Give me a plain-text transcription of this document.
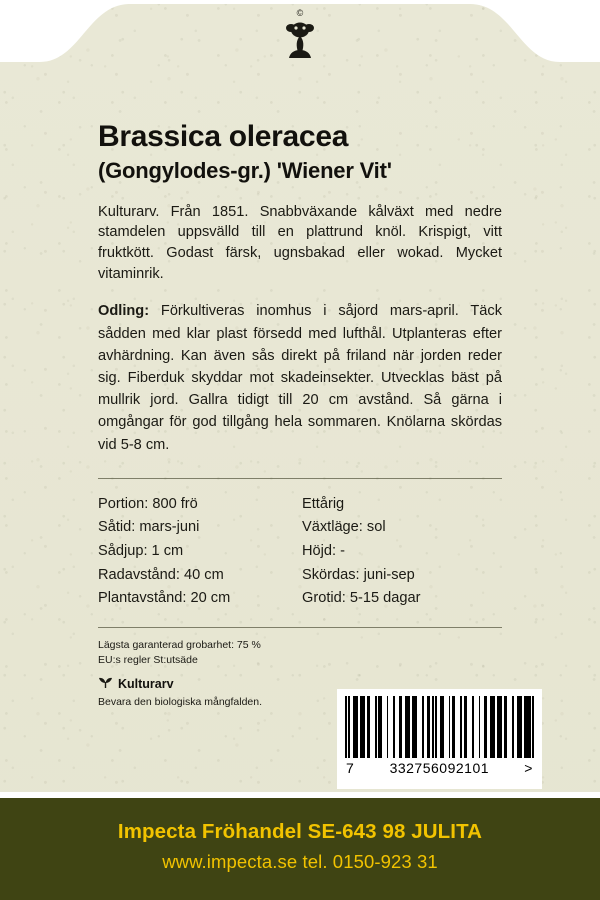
©
Brassica oleracea
(Gongylodes-gr.) 'Wiener Vit'
Kulturarv. Från 1851. Snabbväxande kålväxt med nedre stamdelen uppsvälld till en plattrund knöl. Krispigt, vitt fruktkött. Godast färsk, ugnsbakad eller wokad. Mycket vitaminrik.
Odling: Förkultiveras inomhus i såjord mars-april. Täck sådden med klar plast försedd med lufthål. Utplanteras efter avhärdning. Kan även sås direkt på friland när jorden reder sig. Fiberduk skyddar mot skadeinsekter. Utvecklas bäst på mullrik jord. Gallra tidigt till 20 cm avstånd. Så gärna i omgångar för god tillgång hela sommaren. Knölarna skördas vid 5-8 cm.
Portion: 800 frö
Såtid: mars-juni
Sådjup: 1 cm
Radavstånd: 40 cm
Plantavstånd: 20 cm
Ettårig
Växtläge: sol
Höjd: -
Skördas: juni-sep
Grotid: 5-15 dagar
Lägsta garanterad grobarhet: 75 %
EU:s regler St:utsäde
Kulturarv
Bevara den biologiska mångfalden.
7	332756092101	>
Impecta Fröhandel SE-643 98 JULITA
www.impecta.se tel. 0150-923 31
